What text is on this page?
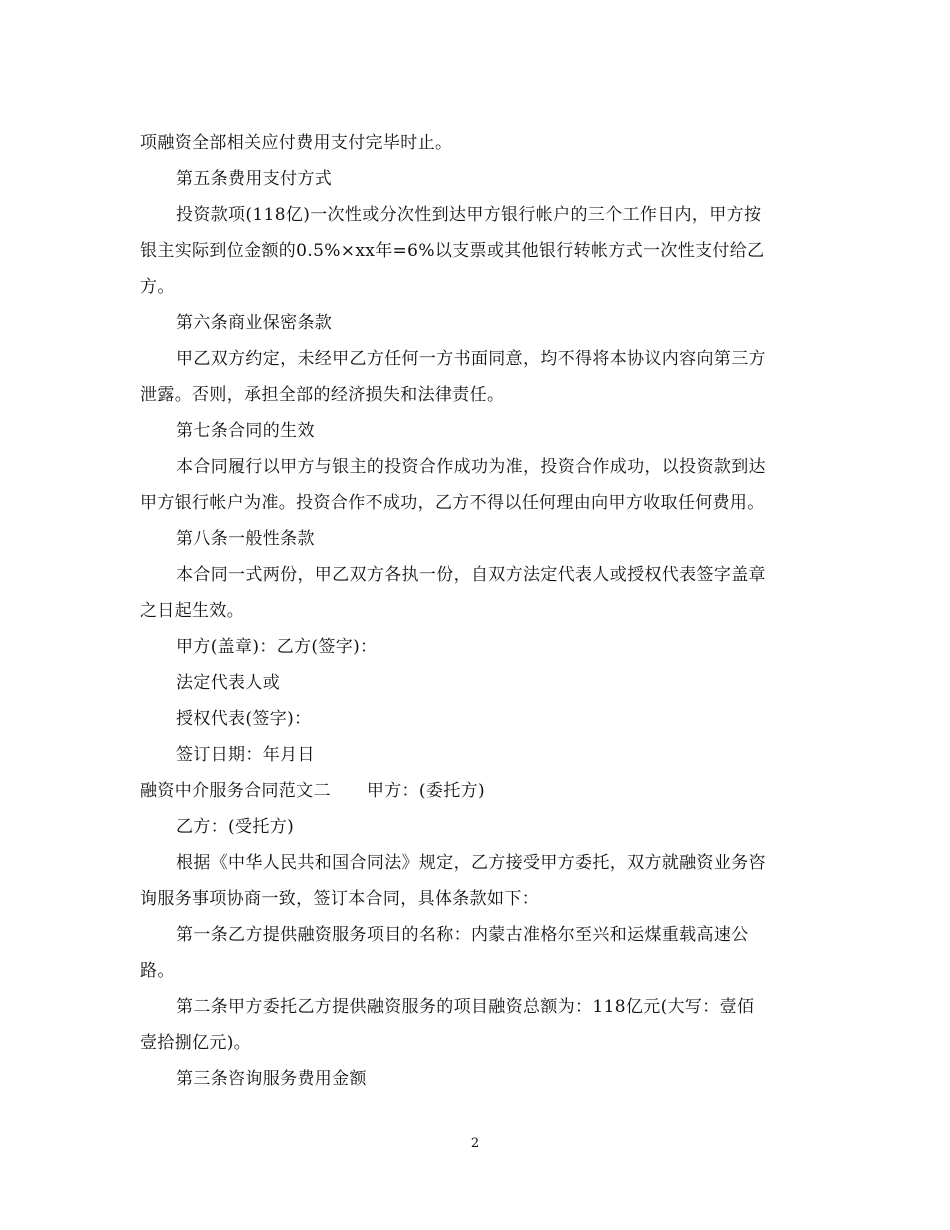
项融资全部相关应付费用支付完毕时止。
第五条费用支付方式
投资款项(118亿)一次性或分次性到达甲方银行帐户的三个工作日内，甲方按
银主实际到位金额的0.5%×xx年=6%以支票或其他银行转帐方式一次性支付给乙
方。
第六条商业保密条款
甲乙双方约定，未经甲乙方任何一方书面同意，均不得将本协议内容向第三方
泄露。否则，承担全部的经济损失和法律责任。
第七条合同的生效
本合同履行以甲方与银主的投资合作成功为准，投资合作成功，以投资款到达
甲方银行帐户为准。投资合作不成功，乙方不得以任何理由向甲方收取任何费用。
第八条一般性条款
本合同一式两份，甲乙双方各执一份，自双方法定代表人或授权代表签字盖章
之日起生效。
甲方(盖章)：乙方(签字)：
法定代表人或
授权代表(签字)：
签订日期：年月日
融资中介服务合同范文二 甲方：(委托方)
乙方：(受托方)
根据《中华人民共和国合同法》规定，乙方接受甲方委托，双方就融资业务咨
询服务事项协商一致，签订本合同，具体条款如下：
第一条乙方提供融资服务项目的名称：内蒙古准格尔至兴和运煤重载高速公
路。
第二条甲方委托乙方提供融资服务的项目融资总额为：118亿元(大写：壹佰
壹拾捌亿元)。
第三条咨询服务费用金额
2
